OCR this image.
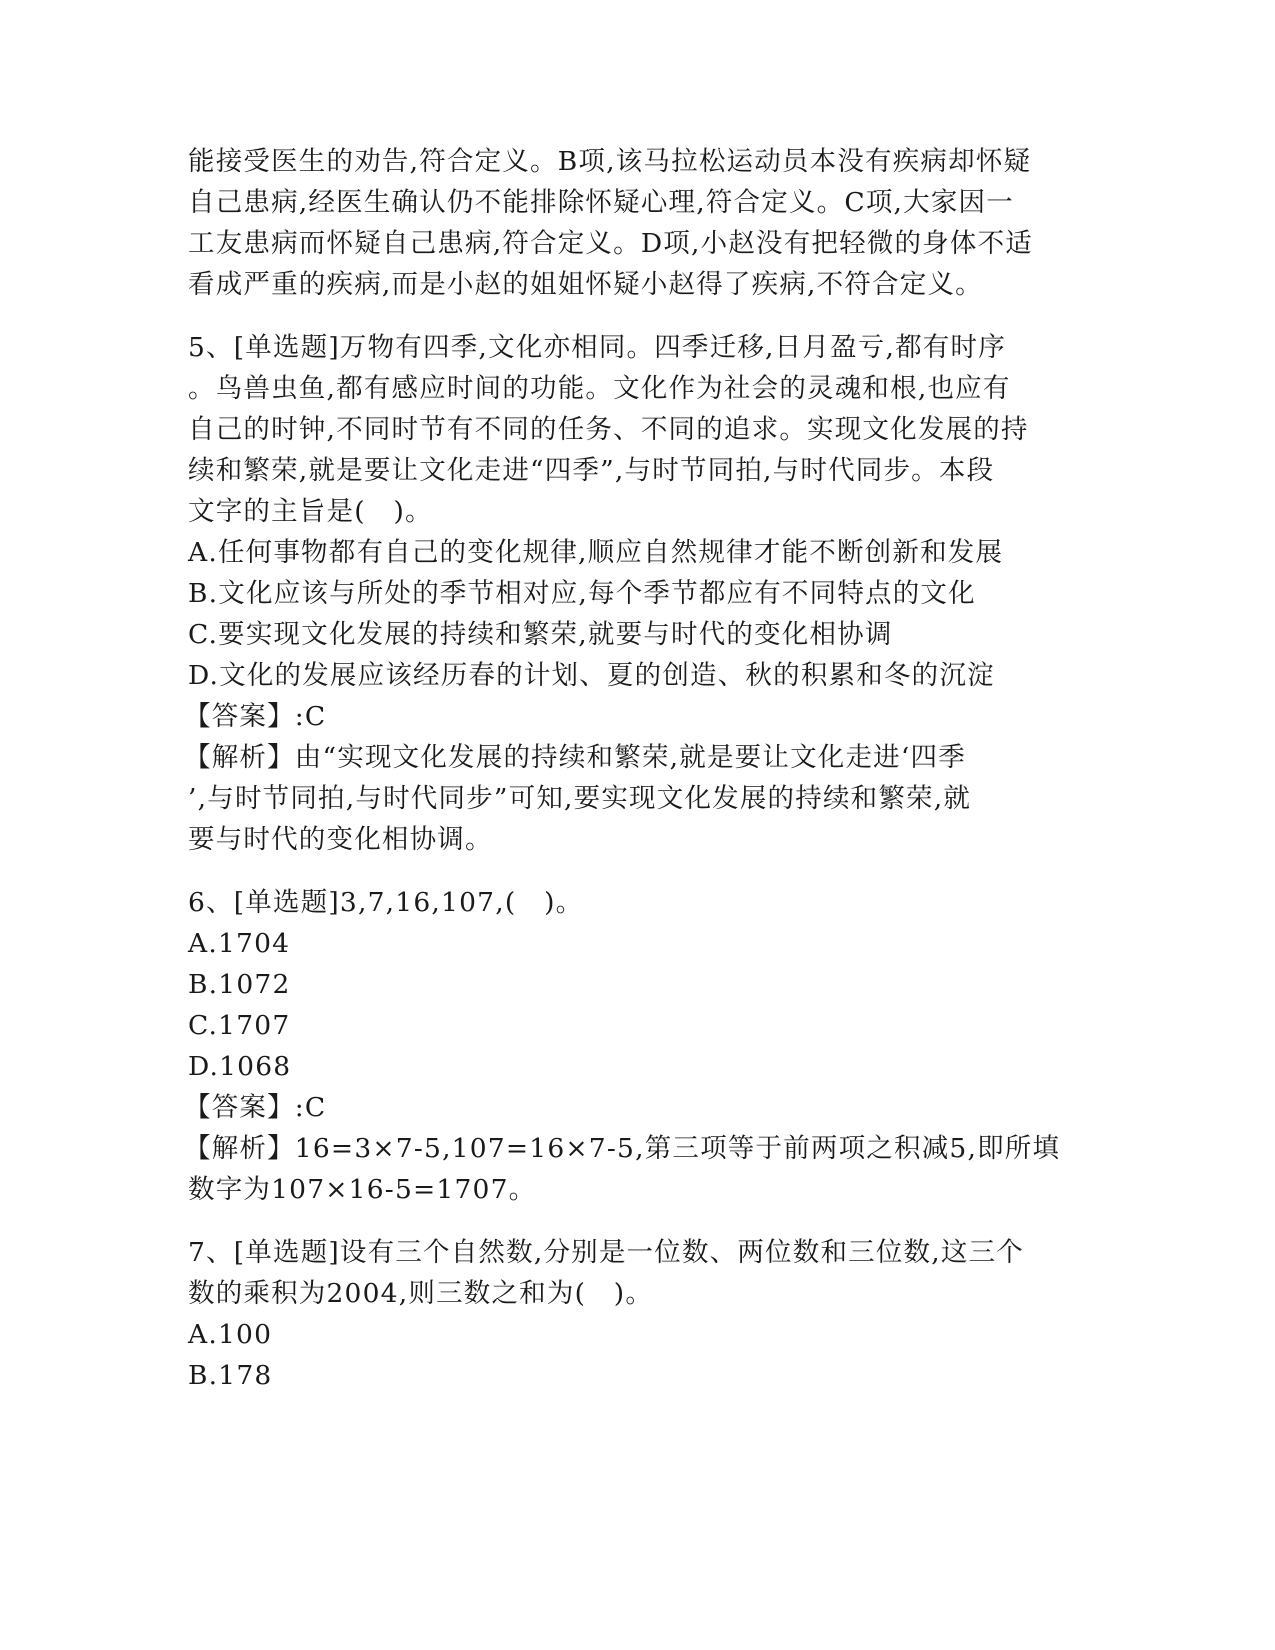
能接受医生的劝告,符合定义。B项,该马拉松运动员本没有疾病却怀疑
自己患病,经医生确认仍不能排除怀疑心理,符合定义。C项,大家因一
工友患病而怀疑自己患病,符合定义。D项,小赵没有把轻微的身体不适
看成严重的疾病,而是小赵的姐姐怀疑小赵得了疾病,不符合定义。
5、[单选题]万物有四季,文化亦相同。四季迁移,日月盈亏,都有时序
。鸟兽虫鱼,都有感应时间的功能。文化作为社会的灵魂和根,也应有
自己的时钟,不同时节有不同的任务、不同的追求。实现文化发展的持
续和繁荣,就是要让文化走进“四季”,与时节同拍,与时代同步。本段
文字的主旨是(　)。
A.任何事物都有自己的变化规律,顺应自然规律才能不断创新和发展
B.文化应该与所处的季节相对应,每个季节都应有不同特点的文化
C.要实现文化发展的持续和繁荣,就要与时代的变化相协调
D.文化的发展应该经历春的计划、夏的创造、秋的积累和冬的沉淀
【答案】:C
【解析】由“实现文化发展的持续和繁荣,就是要让文化走进‘四季
’,与时节同拍,与时代同步”可知,要实现文化发展的持续和繁荣,就
要与时代的变化相协调。
6、[单选题]3,7,16,107,(　)。
A.1704
B.1072
C.1707
D.1068
【答案】:C
【解析】16=3×7-5,107=16×7-5,第三项等于前两项之积减5,即所填
数字为107×16-5=1707。
7、[单选题]设有三个自然数,分别是一位数、两位数和三位数,这三个
数的乘积为2004,则三数之和为(　)。
A.100
B.178
